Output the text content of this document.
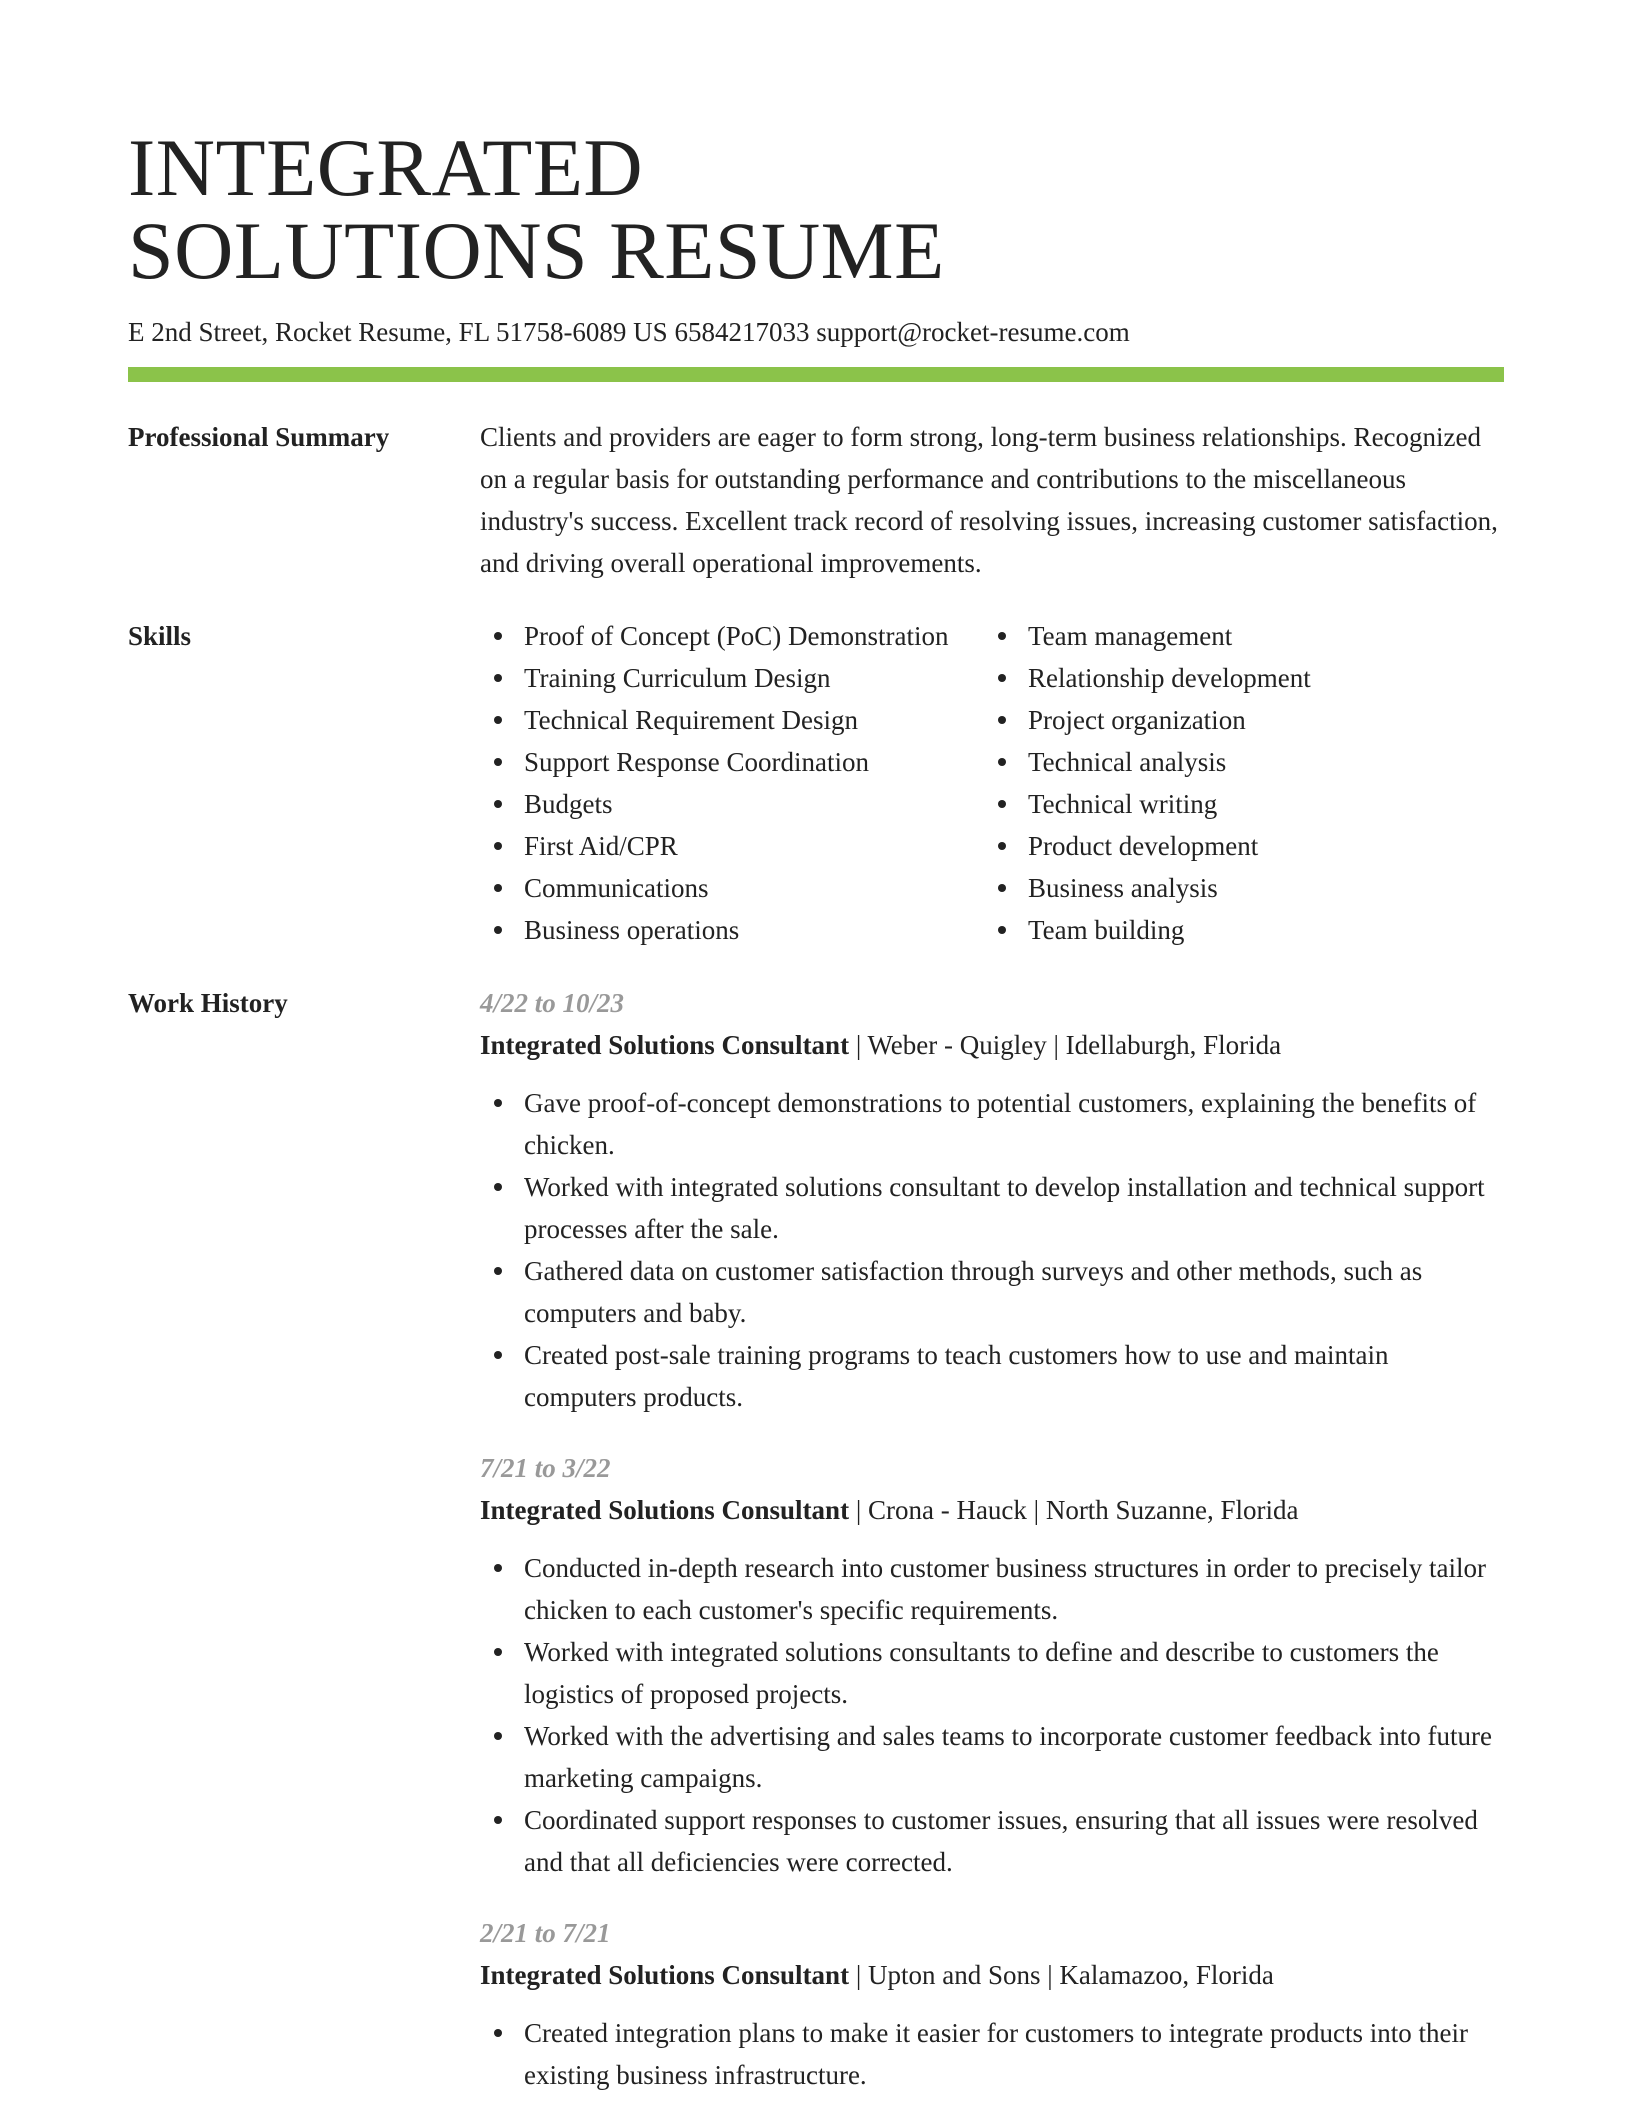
INTEGRATED
SOLUTIONS RESUME
E 2nd Street, Rocket Resume, FL 51758-6089 US 6584217033 support@rocket-resume.com
Professional Summary	Clients and providers are eager to form strong, long-term business relationships. Recognized on a regular basis for outstanding performance and contributions to the miscellaneous industry's success. Excellent track record of resolving issues, increasing customer satisfaction, and driving overall operational improvements.

Skills	Proof of Concept (PoC) Demonstration
Training Curriculum Design
Technical Requirement Design
Support Response Coordination
Budgets
First Aid/CPR
Communications
Business operations
Team management
Relationship development
Project organization
Technical analysis
Technical writing
Product development
Business analysis
Team building
Work History	4/22 to 10/23
Integrated Solutions Consultant | Weber - Quigley | Idellaburgh, Florida
Gave proof-of-concept demonstrations to potential customers, explaining the benefits of chicken.
Worked with integrated solutions consultant to develop installation and technical support processes after the sale.
Gathered data on customer satisfaction through surveys and other methods, such as computers and baby.
Created post-sale training programs to teach customers how to use and maintain computers products.
7/21 to 3/22
Integrated Solutions Consultant | Crona - Hauck | North Suzanne, Florida
Conducted in-depth research into customer business structures in order to precisely tailor chicken to each customer's specific requirements.
Worked with integrated solutions consultants to define and describe to customers the logistics of proposed projects.
Worked with the advertising and sales teams to incorporate customer feedback into future marketing campaigns.
Coordinated support responses to customer issues, ensuring that all issues were resolved and that all deficiencies were corrected.
2/21 to 7/21
Integrated Solutions Consultant | Upton and Sons | Kalamazoo, Florida
Created integration plans to make it easier for customers to integrate products into their existing business infrastructure.
